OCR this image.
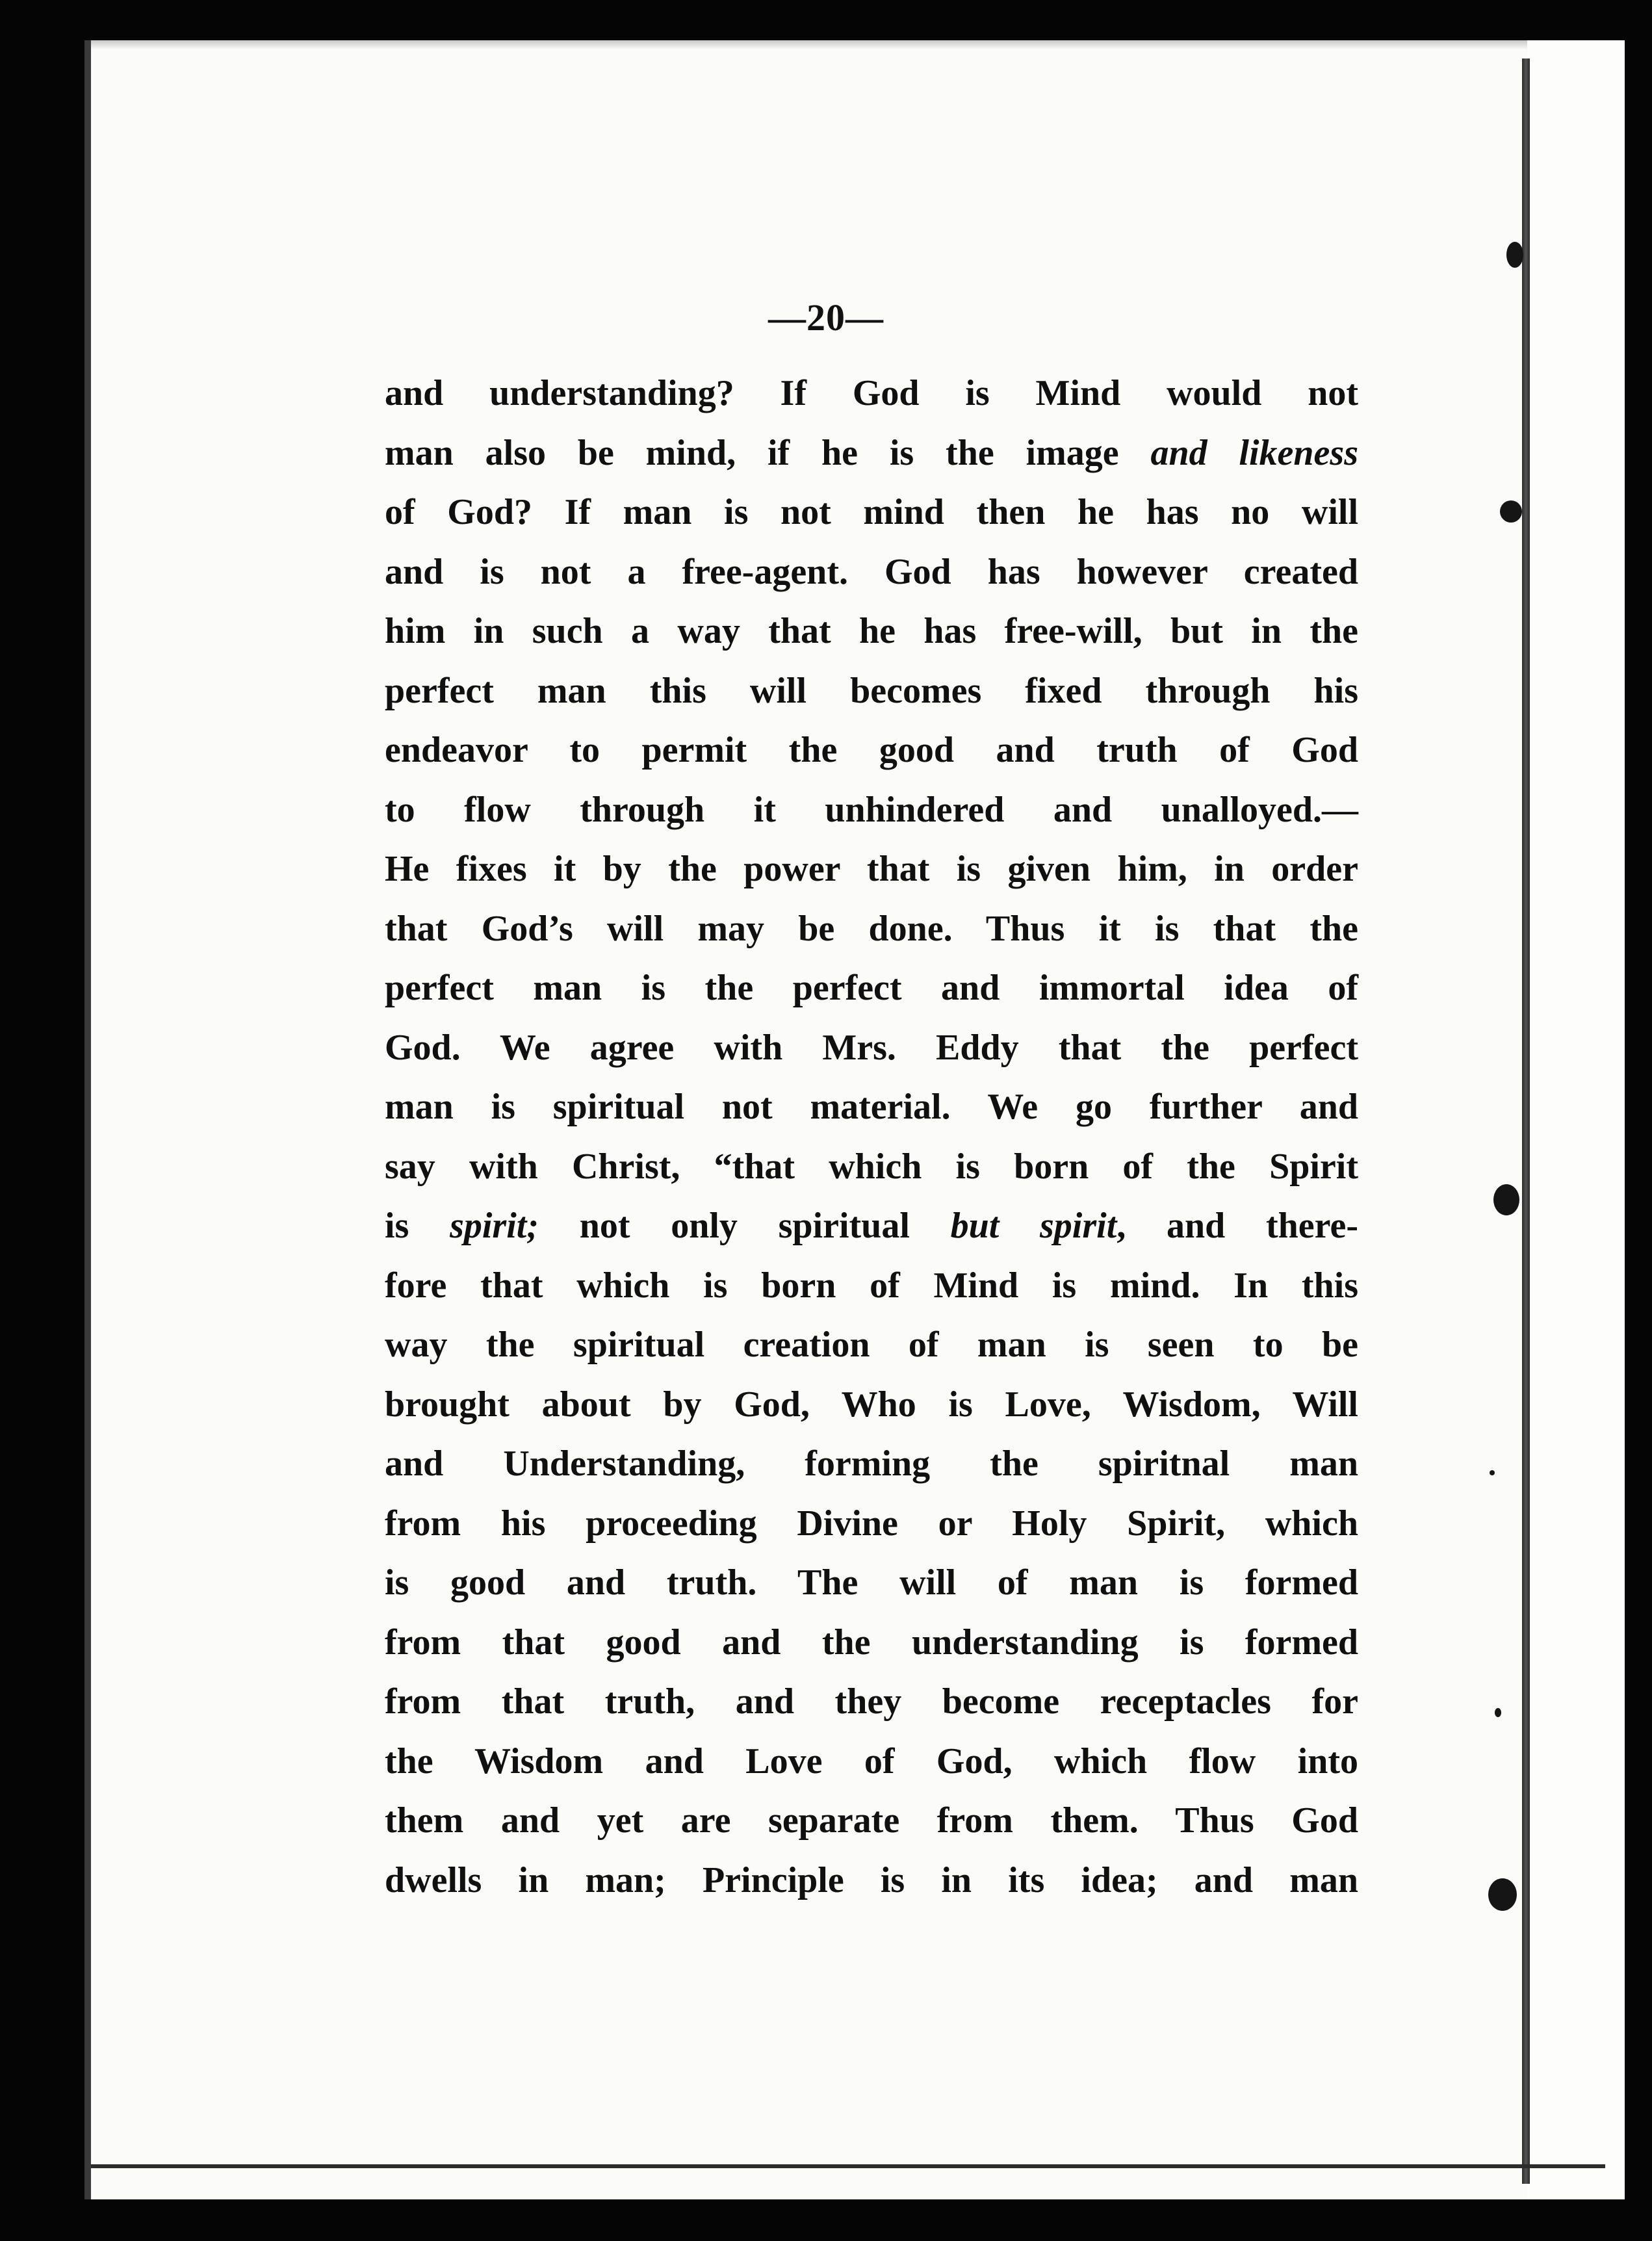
—20—
and understanding? If God is Mind would not
man also be mind, if he is the image and likeness
of God? If man is not mind then he has no will
and is not a free-agent. God has however created
him in such a way that he has free-will, but in the
perfect man this will becomes fixed through his
endeavor to permit the good and truth of God
to flow through it unhindered and unalloyed.—
He fixes it by the power that is given him, in order
that God’s will may be done. Thus it is that the
perfect man is the perfect and immortal idea of
God. We agree with Mrs. Eddy that the perfect
man is spiritual not material. We go further and
say with Christ, “that which is born of the Spirit
is spirit; not only spiritual but spirit, and there-
fore that which is born of Mind is mind. In this
way the spiritual creation of man is seen to be
brought about by God, Who is Love, Wisdom, Will
and Understanding, forming the spiritnal man
from his proceeding Divine or Holy Spirit, which
is good and truth. The will of man is formed
from that good and the understanding is formed
from that truth, and they become receptacles for
the Wisdom and Love of God, which flow into
them and yet are separate from them. Thus God
dwells in man; Principle is in its idea; and man
